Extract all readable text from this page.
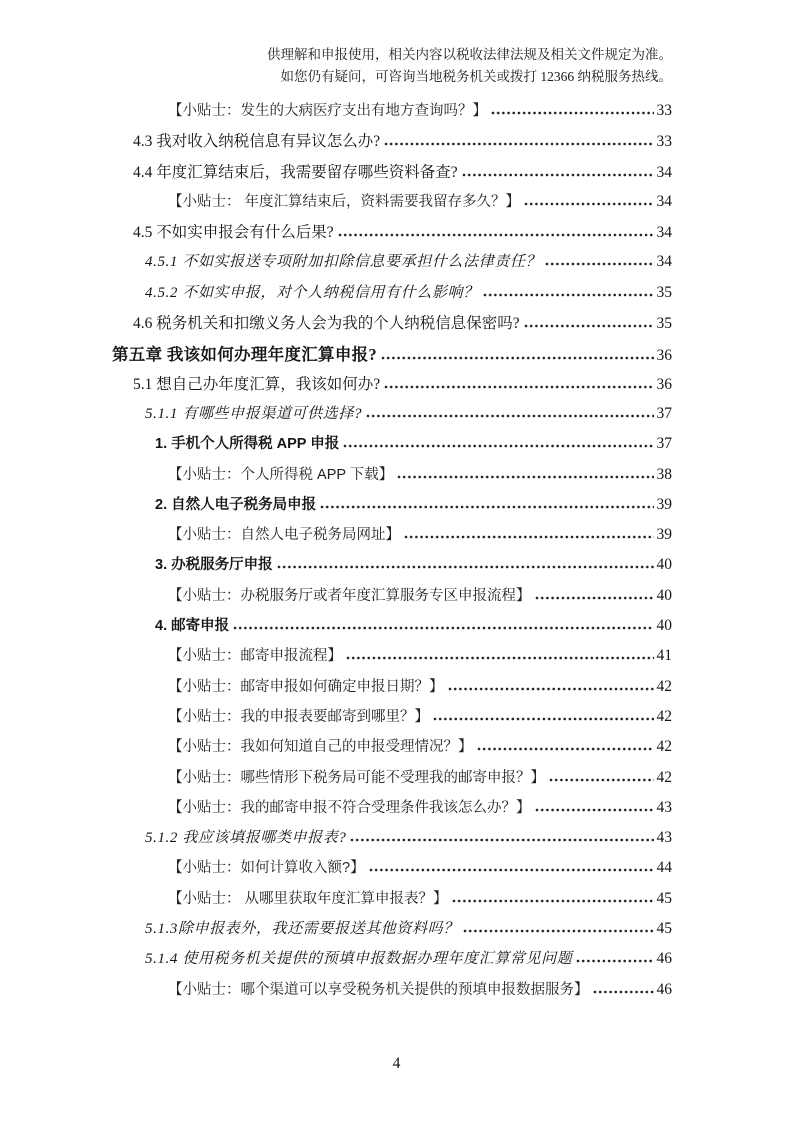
供理解和申报使用，相关内容以税收法律法规及相关文件规定为准。
如您仍有疑问，可咨询当地税务机关或拨打 12366 纳税服务热线。
【小贴士：发生的大病医疗支出有地方查询吗？】	33
4.3 我对收入纳税信息有异议怎么办?	33
4.4 年度汇算结束后，我需要留存哪些资料备查?	34
【小贴士： 年度汇算结束后，资料需要我留存多久？】	34
4.5 不如实申报会有什么后果?	34
4.5.1 不如实报送专项附加扣除信息要承担什么法律责任？	34
4.5.2 不如实申报，对个人纳税信用有什么影响？	35
4.6 税务机关和扣缴义务人会为我的个人纳税信息保密吗?	35
第五章 我该如何办理年度汇算申报?	36
5.1 想自己办年度汇算，我该如何办?	36
5.1.1 有哪些申报渠道可供选择?	37
1. 手机个人所得税 APP 申报	37
【小贴士：个人所得税 APP 下载】	38
2. 自然人电子税务局申报	39
【小贴士：自然人电子税务局网址】	39
3. 办税服务厅申报	40
【小贴士：办税服务厅或者年度汇算服务专区申报流程】	40
4. 邮寄申报	40
【小贴士：邮寄申报流程】	41
【小贴士：邮寄申报如何确定申报日期？】	42
【小贴士：我的申报表要邮寄到哪里？】	42
【小贴士：我如何知道自己的申报受理情况？】	42
【小贴士：哪些情形下税务局可能不受理我的邮寄申报？】	42
【小贴士：我的邮寄申报不符合受理条件我该怎么办？】	43
5.1.2 我应该填报哪类申报表?	43
【小贴士：如何计算收入额?】	44
【小贴士： 从哪里获取年度汇算申报表？】	45
5.1.3除申报表外，我还需要报送其他资料吗？	45
5.1.4 使用税务机关提供的预填申报数据办理年度汇算常见问题	46
【小贴士：哪个渠道可以享受税务机关提供的预填申报数据服务】	46
4
